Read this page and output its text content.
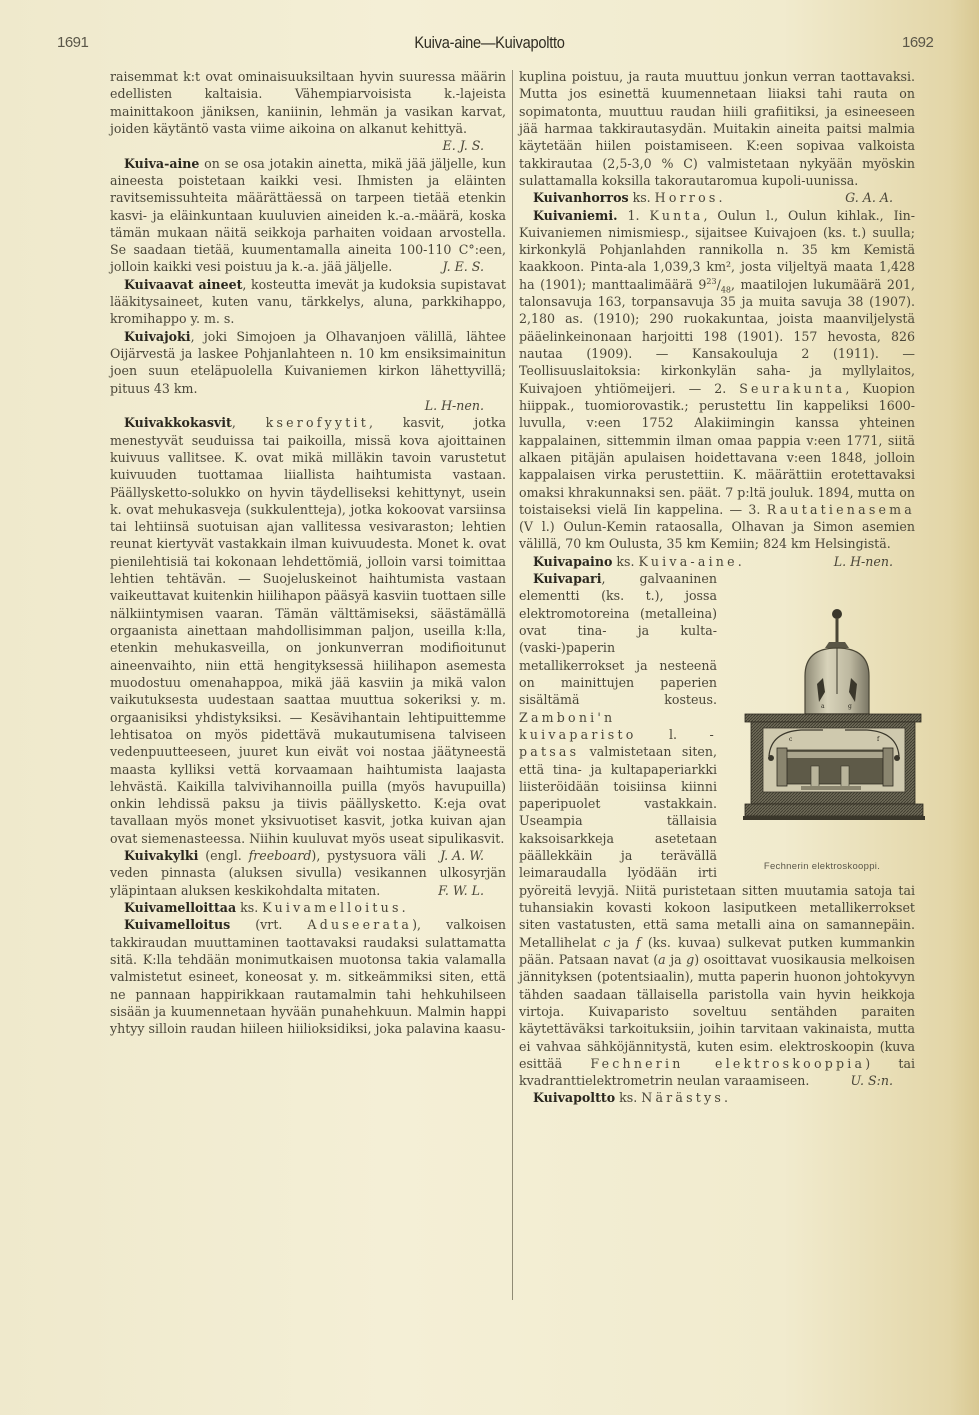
1691	Kuiva-aine—Kuivapoltto	1692

raisemmat k:t ovat ominaisuuksiltaan hyvin suuressa määrin edellisten kaltaisia. Vähempiarvoisista k.-lajeista mainittakoon jäniksen, kaniinin, lehmän ja vasikan karvat, joiden käytäntö vasta viime aikoina on alkanut kehittyä.
E. J. S.

Kuiva-aine on se osa jotakin ainetta, mikä jää jäljelle, kun aineesta poistetaan kaikki vesi. Ihmisten ja eläinten ravitsemissuhteita määrättäessä on tarpeen tietää etenkin kasvi- ja eläinkuntaan kuuluvien aineiden k.-a.-määrä, koska tämän mukaan näitä seikkoja parhaiten voidaan arvostella. Se saadaan tietää, kuumentamalla aineita 100-110 C°:een, jolloin kaikki vesi poistuu ja k.-a. jää jäljelle.	J. E. S.

Kuivaavat aineet, kosteutta imevät ja kudoksia supistavat lääkitysaineet, kuten vanu, tärkkelys, aluna, parkkihappo, kromihappo y. m. s.

Kuivajoki, joki Simojoen ja Olhavanjoen välillä, lähtee Oijärvestä ja laskee Pohjanlahteen n. 10 km ensiksimainitun joen suun eteläpuolella Kuivaniemen kirkon lähettyvillä; pituus 43 km.
L. H-nen.

Kuivakkokasvit, kserofyytit, kasvit, jotka menestyvät seuduissa tai paikoilla, missä kova ajoittainen kuivuus vallitsee. K. ovat mikä milläkin tavoin varustetut kuivuuden tuottamaa liiallista haihtumista vastaan. Päällysketto-solukko on hyvin täydelliseksi kehittynyt, usein k. ovat mehukasveja (sukkulentteja), jotka kokoovat varsiinsa tai lehtiinsä suotuisan ajan vallitessa vesivaraston; lehtien reunat kiertyvät vastakkain ilman kuivuudesta. Monet k. ovat pienilehtisiä tai kokonaan lehdettömiä, jolloin varsi toimittaa lehtien tehtävän. — Suojeluskeinot haihtumista vastaan vaikeuttavat kuitenkin hiilihapon pääsyä kasviin tuottaen sille nälkiintymisen vaaran. Tämän välttämiseksi, säästämällä orgaanista ainettaan mahdollisimman paljon, useilla k:lla, etenkin mehukasveilla, on jonkunverran modifioitunut aineenvaihto, niin että hengityksessä hiilihapon asemesta muodostuu omenahappoa, mikä jää kasviin ja mikä valon vaikutuksesta uudestaan saattaa muuttua sokeriksi y. m. orgaanisiksi yhdistyksiksi. — Kesävihantain lehtipuittemme lehtisatoa on myös pidettävä mukautumisena talviseen vedenpuutteeseen, juuret kun eivät voi nostaa jäätyneestä maasta kylliksi vettä korvaamaan haihtumista laajasta lehvästä. Kaikilla talvivihannoilla puilla (myös havupuilla) onkin lehdissä paksu ja tiivis päällysketto. K:eja ovat tavallaan myös monet yksivuotiset kasvit, jotka kuivan ajan ovat siemenasteessa. Niihin kuuluvat myös useat sipulikasvit.
J. A. W.

Kuivakylki (engl. freeboard), pystysuora väli veden pinnasta (aluksen sivulla) vesikannen ulkosyrjän yläpintaan aluksen keskikohdalta mitaten.	F. W. L.

Kuivamelloittaa ks. Kuivamelloitus.

Kuivamelloitus (vrt. Aduseerata), valkoisen takkiraudan muuttaminen taottavaksi raudaksi sulattamatta sitä. K:lla tehdään monimutkaisen muotonsa takia valamalla valmistetut esineet, koneosat y. m. sitkeämmiksi siten, että ne pannaan happirikkaan rautamalmin tahi hehkuhilseen sisään ja kuumennetaan hyvään punahehkuun. Malmin happi yhtyy silloin raudan hiileen hiilioksidiksi, joka palavina kaasu-

kuplina poistuu, ja rauta muuttuu jonkun verran taottavaksi. Mutta jos esinettä kuumennetaan liiaksi tahi rauta on sopimatonta, muuttuu raudan hiili grafiitiksi, ja esineeseen jää harmaa takkirautasydän. Muitakin aineita paitsi malmia käytetään hiilen poistamiseen. K:een sopivaa valkoista takkirautaa (2,5-3,0 % C) valmistetaan nykyään myöskin sulattamalla koksilla takorautaromua kupoli-uunissa.
G. A. A.

Kuivanhorros ks. Horros.

Kuivaniemi. 1. Kunta, Oulun l., Oulun kihlak., Iin-Kuivaniemen nimismiesp., sijaitsee Kuivajoen (ks. t.) suulla; kirkonkylä Pohjanlahden rannikolla n. 35 km Kemistä kaakkoon. Pinta-ala 1,039,3 km², josta viljeltyä maata 1,428 ha (1901); manttaalimäärä $9^{23}/_{48}$, maatilojen lukumäärä 201, talonsavuja 163, torpansavuja 35 ja muita savuja 38 (1907). 2,180 as. (1910); 290 ruokakuntaa, joista maanviljelystä pääelinkeinonaan harjoitti 198 (1901). 157 hevosta, 826 nautaa (1909). — Kansakouluja 2 (1911). — Teollisuuslaitoksia: kirkonkylän saha- ja myllylaitos, Kuivajoen yhtiömeijeri. — 2. Seurakunta, Kuopion hiippak., tuomiorovastik.; perustettu Iin kappeliksi 1600-luvulla, v:een 1752 Alakiimingin kanssa yhteinen kappalainen, sittemmin ilman omaa pappia v:een 1771, siitä alkaen pitäjän apulaisen hoidettavana v:een 1848, jolloin kappalaisen virka perustettiin. K. määrättiin erotettavaksi omaksi khrakunnaksi sen. päät. 7 p:ltä jouluk. 1894, mutta on toistaiseksi vielä Iin kappelina. — 3. Rautatienasema (V l.) Oulun-Kemin rataosalla, Olhavan ja Simon asemien välillä, 70 km Oulusta, 35 km Kemiin; 824 km Helsingistä.
L. H-nen.

Kuivapaino ks. Kuiva-aine.

a	g
c	f
Fechnerin elektroskooppi.
Kuivapari, galvaaninen elementti (ks. t.), jossa elektromotoreina (metalleina) ovat tina- ja kulta-(vaski-)paperin metallikerrokset ja nesteenä on mainittujen paperien sisältämä kosteus. Zamboni'n kuivaparisto l. -patsas valmistetaan siten, että tina- ja kultapaperiarkki liisteröidään toisiinsa kiinni paperipuolet vastakkain. Useampia tällaisia kaksoisarkkeja asetetaan päällekkäin ja terävällä leimaraudalla lyödään irti pyöreitä levyjä. Niitä puristetaan sitten muutamia satoja tai tuhansiakin kovasti kokoon lasiputkeen metallikerrokset siten vastatusten, että sama metalli aina on samannepäin. Metallihelat c ja f (ks. kuvaa) sulkevat putken kummankin pään. Patsaan navat (a ja g) osoittavat vuosikausia melkoisen jännityksen (potentsiaalin), mutta paperin huonon johtokyvyn tähden saadaan tällaisella paristolla vain hyvin heikkoja virtoja. Kuivaparisto soveltuu sentähden paraiten käytettäväksi tarkoituksiin, joihin tarvitaan vakinaista, mutta ei vahvaa sähköjännitystä, kuten esim. elektroskoopin (kuva esittää Fechnerin elektroskooppia) tai kvadranttielektrometrin neulan varaamiseen.	U. S:n.

Kuivapoltto ks. Närästys.
